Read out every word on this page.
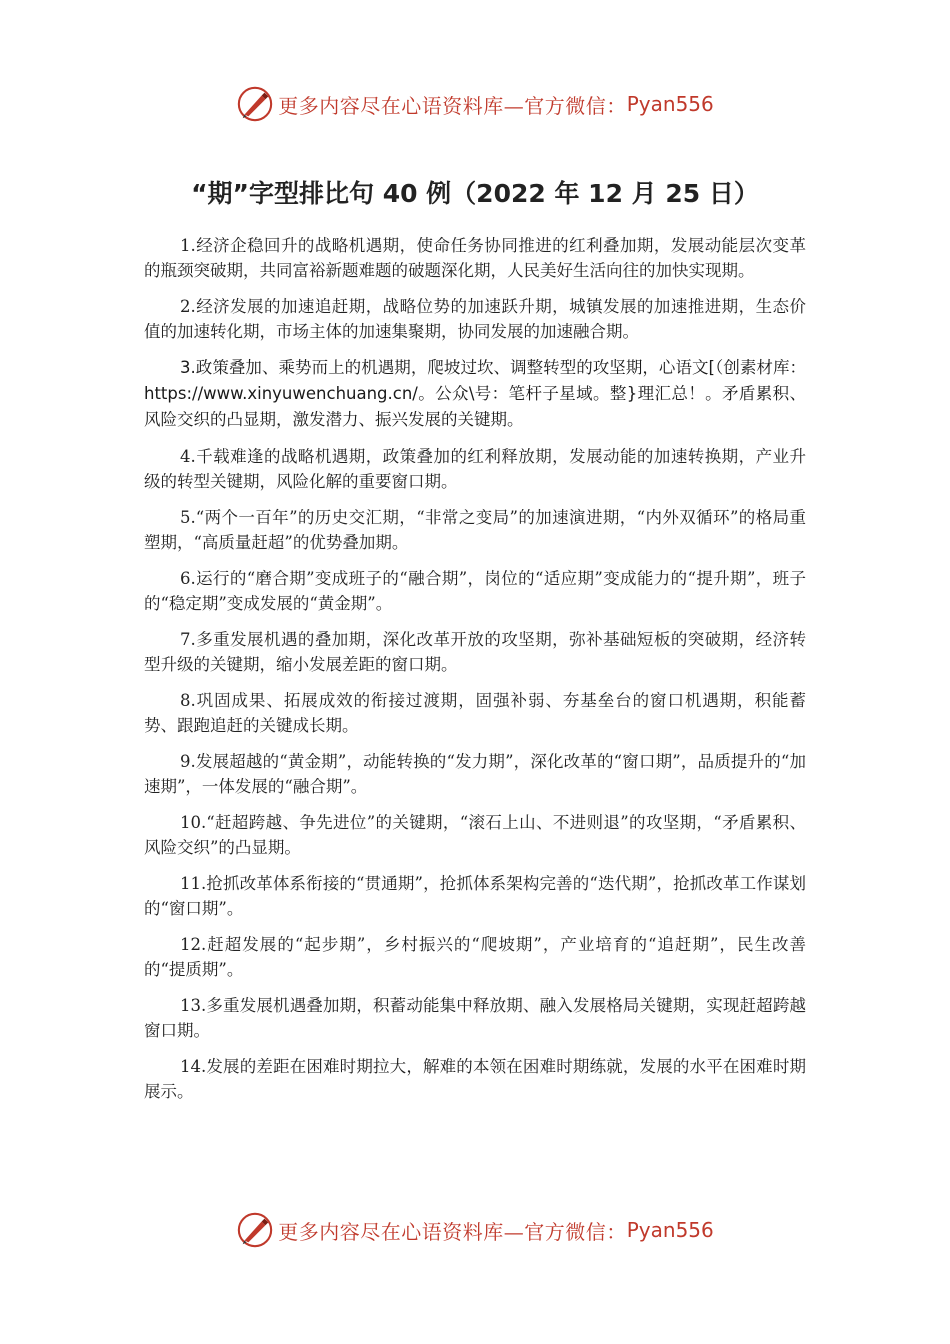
更多内容尽在心语资料库—官方微信： Pyan556
“期”字型排比句 40 例（2022 年 12 月 25 日）

1.经济企稳回升的战略机遇期，使命任务协同推进的红利叠加期，发展动能层次变革的瓶颈突破期，共同富裕新题难题的破题深化期，人民美好生活向往的加快实现期。

2.经济发展的加速追赶期，战略位势的加速跃升期，城镇发展的加速推进期，生态价值的加速转化期，市场主体的加速集聚期，协同发展的加速融合期。

3.政策叠加、乘势而上的机遇期，爬坡过坎、调整转型的攻坚期，心语文[（创素材库：https://www.xinyuwenchuang.cn/。公众\号：笔杆子星域。整}理汇总！。矛盾累积、风险交织的凸显期，激发潜力、振兴发展的关键期。

4.千载难逢的战略机遇期，政策叠加的红利释放期，发展动能的加速转换期，产业升级的转型关键期，风险化解的重要窗口期。

5.“两个一百年”的历史交汇期，“非常之变局”的加速演进期，“内外双循环”的格局重塑期，“高质量赶超”的优势叠加期。

6.运行的“磨合期”变成班子的“融合期”，岗位的“适应期”变成能力的“提升期”，班子的“稳定期”变成发展的“黄金期”。

7.多重发展机遇的叠加期，深化改革开放的攻坚期，弥补基础短板的突破期，经济转型升级的关键期，缩小发展差距的窗口期。

8.巩固成果、拓展成效的衔接过渡期，固强补弱、夯基垒台的窗口机遇期，积能蓄势、跟跑追赶的关键成长期。

9.发展超越的“黄金期”，动能转换的“发力期”，深化改革的“窗口期”，品质提升的“加速期”，一体发展的“融合期”。

10.“赶超跨越、争先进位”的关键期，“滚石上山、不进则退”的攻坚期，“矛盾累积、风险交织”的凸显期。

11.抢抓改革体系衔接的“贯通期”，抢抓体系架构完善的“迭代期”，抢抓改革工作谋划的“窗口期”。

12.赶超发展的“起步期”，乡村振兴的“爬坡期”，产业培育的“追赶期”，民生改善的“提质期”。

13.多重发展机遇叠加期，积蓄动能集中释放期、融入发展格局关键期，实现赶超跨越窗口期。

14.发展的差距在困难时期拉大，解难的本领在困难时期练就，发展的水平在困难时期展示。

更多内容尽在心语资料库—官方微信： Pyan556
